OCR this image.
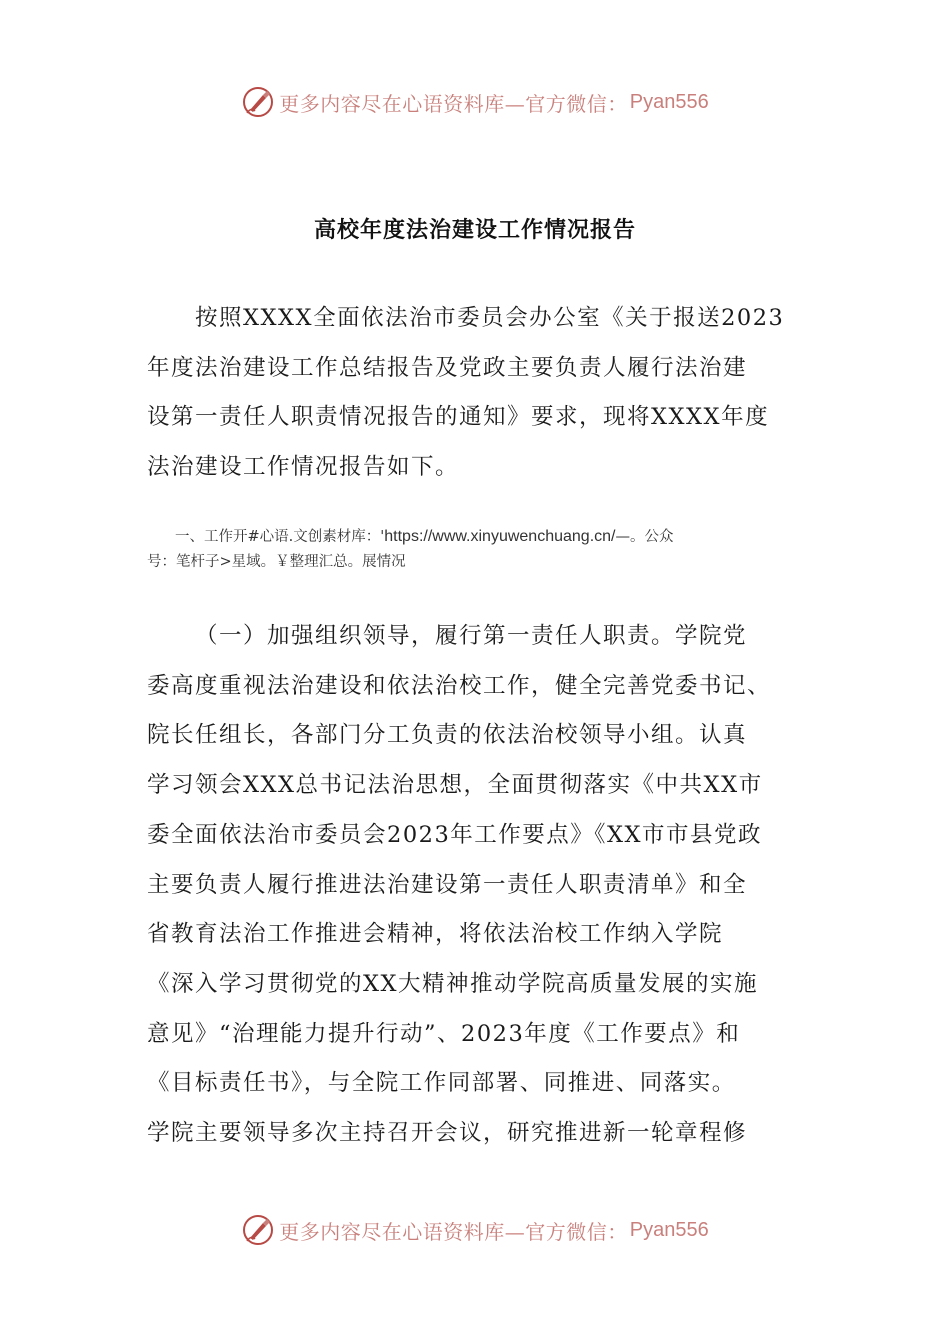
更多内容尽在心语资料库—官方微信： Pyan556
高校年度法治建设工作情况报告
按照XXXX全面依法治市委员会办公室《关于报送2023
年度法治建设工作总结报告及党政主要负责人履行法治建
设第一责任人职责情况报告的通知》要求，现将XXXX年度
法治建设工作情况报告如下。
一、工作开#心语.文创素材库：'https://www.xinyuwenchuang.cn/—。公众
号：笔杆子>星域。￥整理汇总。展情况
（一）加强组织领导，履行第一责任人职责。学院党
委高度重视法治建设和依法治校工作，健全完善党委书记、
院长任组长，各部门分工负责的依法治校领导小组。认真
学习领会XXX总书记法治思想，全面贯彻落实《中共XX市
委全面依法治市委员会2023年工作要点》《XX市市县党政
主要负责人履行推进法治建设第一责任人职责清单》和全
省教育法治工作推进会精神，将依法治校工作纳入学院
《深入学习贯彻党的XX大精神推动学院高质量发展的实施
意见》“治理能力提升行动”、2023年度《工作要点》和
《目标责任书》，与全院工作同部署、同推进、同落实。
学院主要领导多次主持召开会议，研究推进新一轮章程修
更多内容尽在心语资料库—官方微信： Pyan556
